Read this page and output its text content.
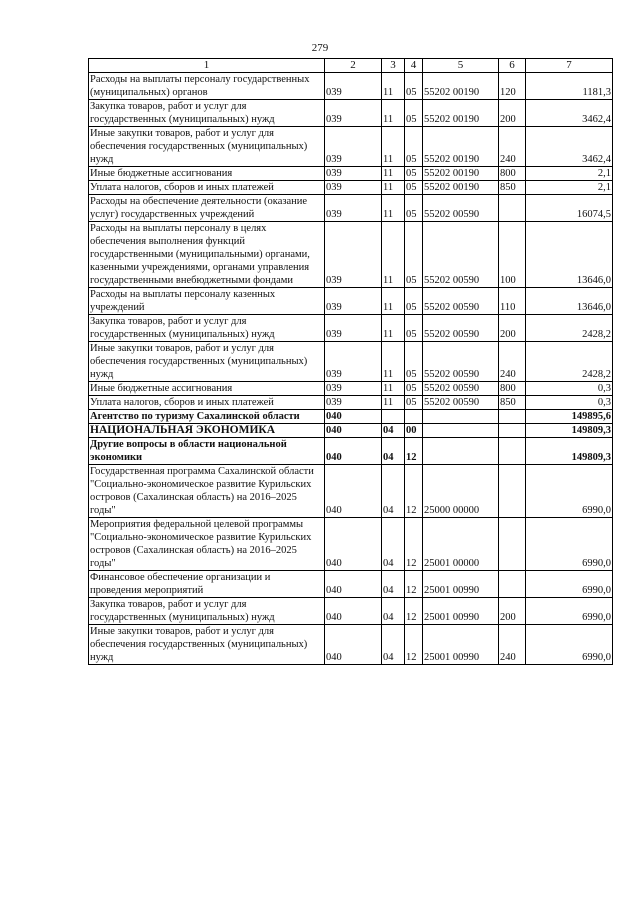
279
1	2	3	4	5	6	7
Расходы на выплаты персоналу государственных (муниципальных) органов	039	11	05	55202 00190	120	1181,3
Закупка товаров, работ и услуг для государственных (муниципальных) нужд	039	11	05	55202 00190	200	3462,4
Иные закупки товаров, работ и услуг для обеспечения государственных (муниципальных) нужд	039	11	05	55202 00190	240	3462,4
Иные бюджетные ассигнования	039	11	05	55202 00190	800	2,1
Уплата налогов, сборов и иных платежей	039	11	05	55202 00190	850	2,1
Расходы на обеспечение деятельности (оказание услуг) государственных учреждений	039	11	05	55202 00590		16074,5
Расходы на выплаты персоналу в целях обеспечения выполнения функций государственными (муниципальными) органами, казенными учреждениями, органами управления государственными внебюджетными фондами	039	11	05	55202 00590	100	13646,0
Расходы на выплаты персоналу казенных учреждений	039	11	05	55202 00590	110	13646,0
Закупка товаров, работ и услуг для государственных (муниципальных) нужд	039	11	05	55202 00590	200	2428,2
Иные закупки товаров, работ и услуг для обеспечения государственных (муниципальных) нужд	039	11	05	55202 00590	240	2428,2
Иные бюджетные ассигнования	039	11	05	55202 00590	800	0,3
Уплата налогов, сборов и иных платежей	039	11	05	55202 00590	850	0,3
Агентство по туризму Сахалинской области	040					149895,6
НАЦИОНАЛЬНАЯ ЭКОНОМИКА	040	04	00			149809,3
Другие вопросы в области национальной экономики	040	04	12			149809,3
Государственная программа Сахалинской области "Социально-экономическое развитие Курильских островов (Сахалинская область) на 2016–2025 годы"	040	04	12	25000 00000		6990,0
Мероприятия федеральной целевой программы "Социально-экономическое развитие Курильских островов (Сахалинская область) на 2016–2025 годы"	040	04	12	25001 00000		6990,0
Финансовое обеспечение организации и проведения мероприятий	040	04	12	25001 00990		6990,0
Закупка товаров, работ и услуг для государственных (муниципальных) нужд	040	04	12	25001 00990	200	6990,0
Иные закупки товаров, работ и услуг для обеспечения государственных (муниципальных) нужд	040	04	12	25001 00990	240	6990,0
